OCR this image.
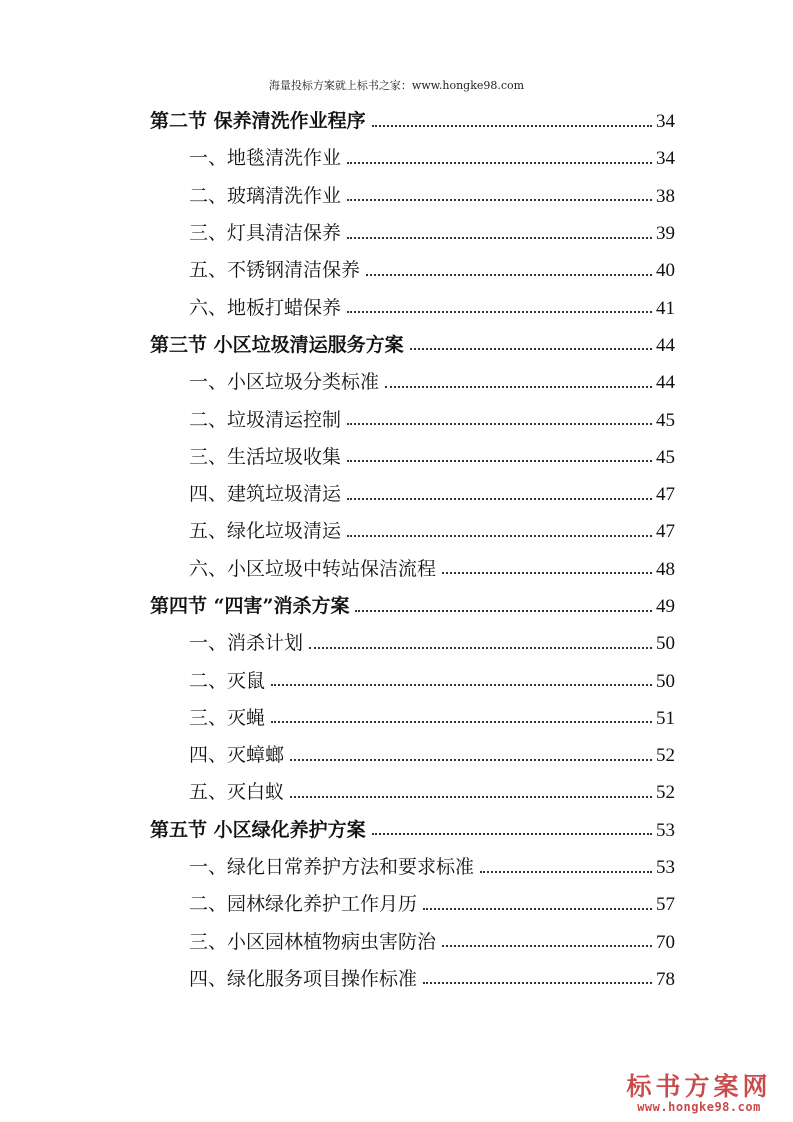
海量投标方案就上标书之家：www.hongke98.com
第二节 保养清洗作业程序	34
一、地毯清洗作业	34
二、玻璃清洗作业	38
三、灯具清洁保养	39
五、不锈钢清洁保养	40
六、地板打蜡保养	41
第三节 小区垃圾清运服务方案	44
一、小区垃圾分类标准	44
二、垃圾清运控制	45
三、生活垃圾收集	45
四、建筑垃圾清运	47
五、绿化垃圾清运	47
六、小区垃圾中转站保洁流程	48
第四节 “四害”消杀方案	49
一、消杀计划	50
二、灭鼠	50
三、灭蝇	51
四、灭蟑螂	52
五、灭白蚁	52
第五节 小区绿化养护方案	53
一、绿化日常养护方法和要求标准	53
二、园林绿化养护工作月历	57
三、小区园林植物病虫害防治	70
四、绿化服务项目操作标准	78
标书方案网
www.hongke98.com
